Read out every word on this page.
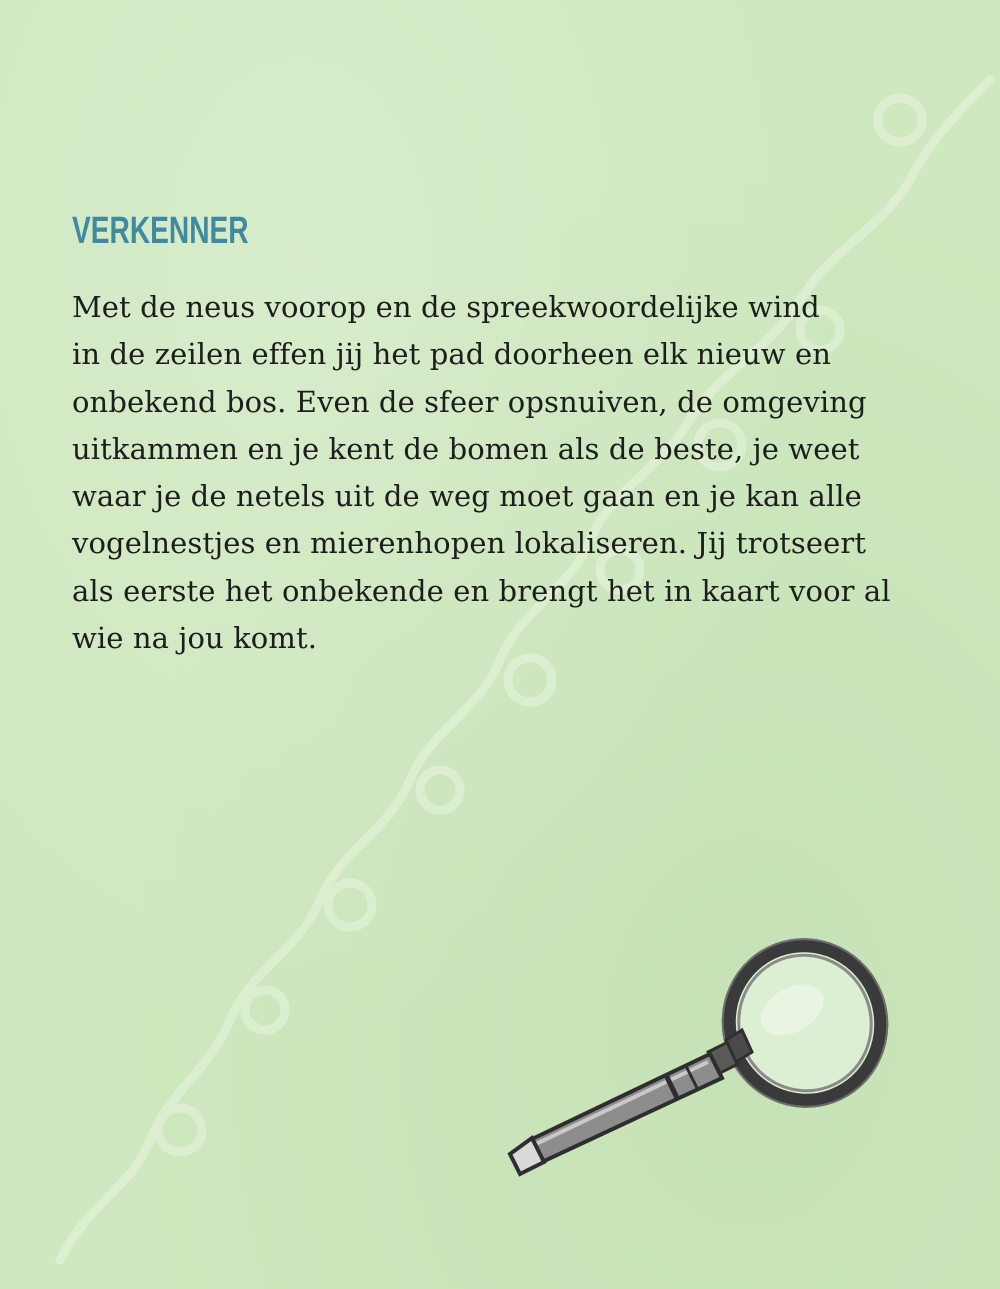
VERKENNER

Met de neus voorop en de spreekwoordelijke wind
in de zeilen effen jij het pad doorheen elk nieuw en
onbekend bos. Even de sfeer opsnuiven, de omgeving
uitkammen en je kent de bomen als de beste, je weet
waar je de netels uit de weg moet gaan en je kan alle
vogelnestjes en mierenhopen lokaliseren. Jij trotseert
als eerste het onbekende en brengt het in kaart voor al
wie na jou komt.
